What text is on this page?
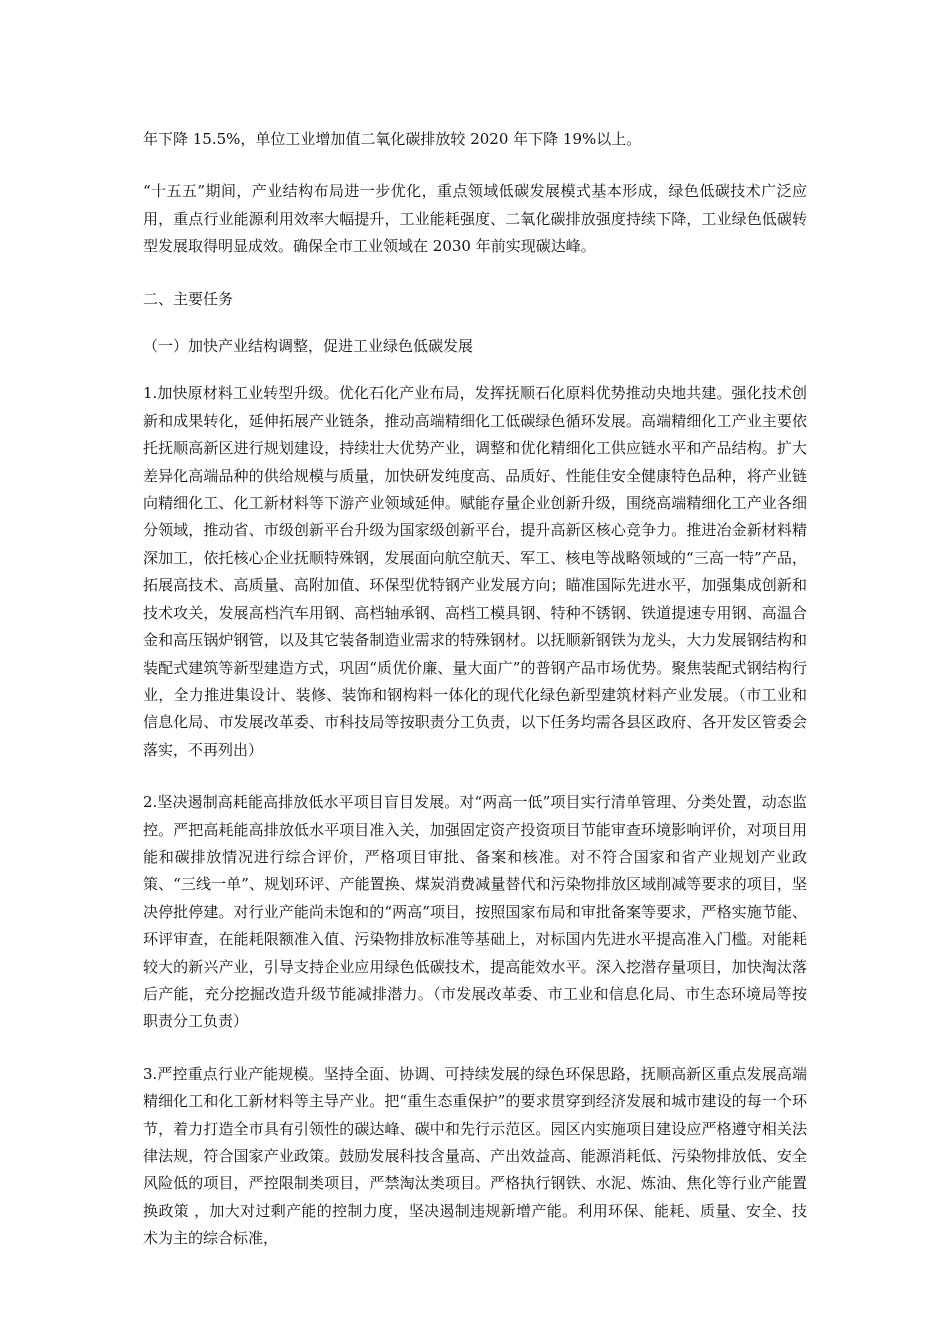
年下降 15.5%，单位工业增加值二氧化碳排放较 2020 年下降 19%以上。

“十五五”期间，产业结构布局进一步优化，重点领域低碳发展模式基本形成，绿色低碳技术广泛应用，重点行业能源利用效率大幅提升，工业能耗强度、二氧化碳排放强度持续下降，工业绿色低碳转型发展取得明显成效。确保全市工业领域在 2030 年前实现碳达峰。

二、主要任务

（一）加快产业结构调整，促进工业绿色低碳发展

1.加快原材料工业转型升级。优化石化产业布局，发挥抚顺石化原料优势推动央地共建。强化技术创新和成果转化，延伸拓展产业链条，推动高端精细化工低碳绿色循环发展。高端精细化工产业主要依托抚顺高新区进行规划建设，持续壮大优势产业，调整和优化精细化工供应链水平和产品结构。扩大差异化高端品种的供给规模与质量，加快研发纯度高、品质好、性能佳安全健康特色品种，将产业链向精细化工、化工新材料等下游产业领域延伸。赋能存量企业创新升级，围绕高端精细化工产业各细分领域，推动省、市级创新平台升级为国家级创新平台，提升高新区核心竞争力。推进冶金新材料精深加工，依托核心企业抚顺特殊钢，发展面向航空航天、军工、核电等战略领域的“三高一特”产品，拓展高技术、高质量、高附加值、环保型优特钢产业发展方向；瞄准国际先进水平，加强集成创新和技术攻关，发展高档汽车用钢、高档轴承钢、高档工模具钢、特种不锈钢、铁道提速专用钢、高温合金和高压锅炉钢管，以及其它装备制造业需求的特殊钢材。以抚顺新钢铁为龙头，大力发展钢结构和装配式建筑等新型建造方式，巩固“质优价廉、量大面广”的普钢产品市场优势。聚焦装配式钢结构行业，全力推进集设计、装修、装饰和钢构料一体化的现代化绿色新型建筑材料产业发展。（市工业和信息化局、市发展改革委、市科技局等按职责分工负责，以下任务均需各县区政府、各开发区管委会落实，不再列出）

2.坚决遏制高耗能高排放低水平项目盲目发展。对“两高一低”项目实行清单管理、分类处置，动态监控。严把高耗能高排放低水平项目准入关，加强固定资产投资项目节能审查环境影响评价，对项目用能和碳排放情况进行综合评价，严格项目审批、备案和核准。对不符合国家和省产业规划产业政策、“三线一单”、规划环评、产能置换、煤炭消费减量替代和污染物排放区域削减等要求的项目，坚决停批停建。对行业产能尚未饱和的“两高”项目，按照国家布局和审批备案等要求，严格实施节能、环评审查，在能耗限额准入值、污染物排放标准等基础上，对标国内先进水平提高准入门槛。对能耗较大的新兴产业，引导支持企业应用绿色低碳技术，提高能效水平。深入挖潜存量项目，加快淘汰落后产能，充分挖掘改造升级节能减排潜力。（市发展改革委、市工业和信息化局、市生态环境局等按职责分工负责）

3.严控重点行业产能规模。坚持全面、协调、可持续发展的绿色环保思路，抚顺高新区重点发展高端精细化工和化工新材料等主导产业。把“重生态重保护”的要求贯穿到经济发展和城市建设的每一个环节，着力打造全市具有引领性的碳达峰、碳中和先行示范区。园区内实施项目建设应严格遵守相关法律法规，符合国家产业政策。鼓励发展科技含量高、产出效益高、能源消耗低、污染物排放低、安全风险低的项目，严控限制类项目，严禁淘汰类项目。严格执行钢铁、水泥、炼油、焦化等行业产能置换政策 ，加大对过剩产能的控制力度，坚决遏制违规新增产能。利用环保、能耗、质量、安全、技术为主的综合标准，
